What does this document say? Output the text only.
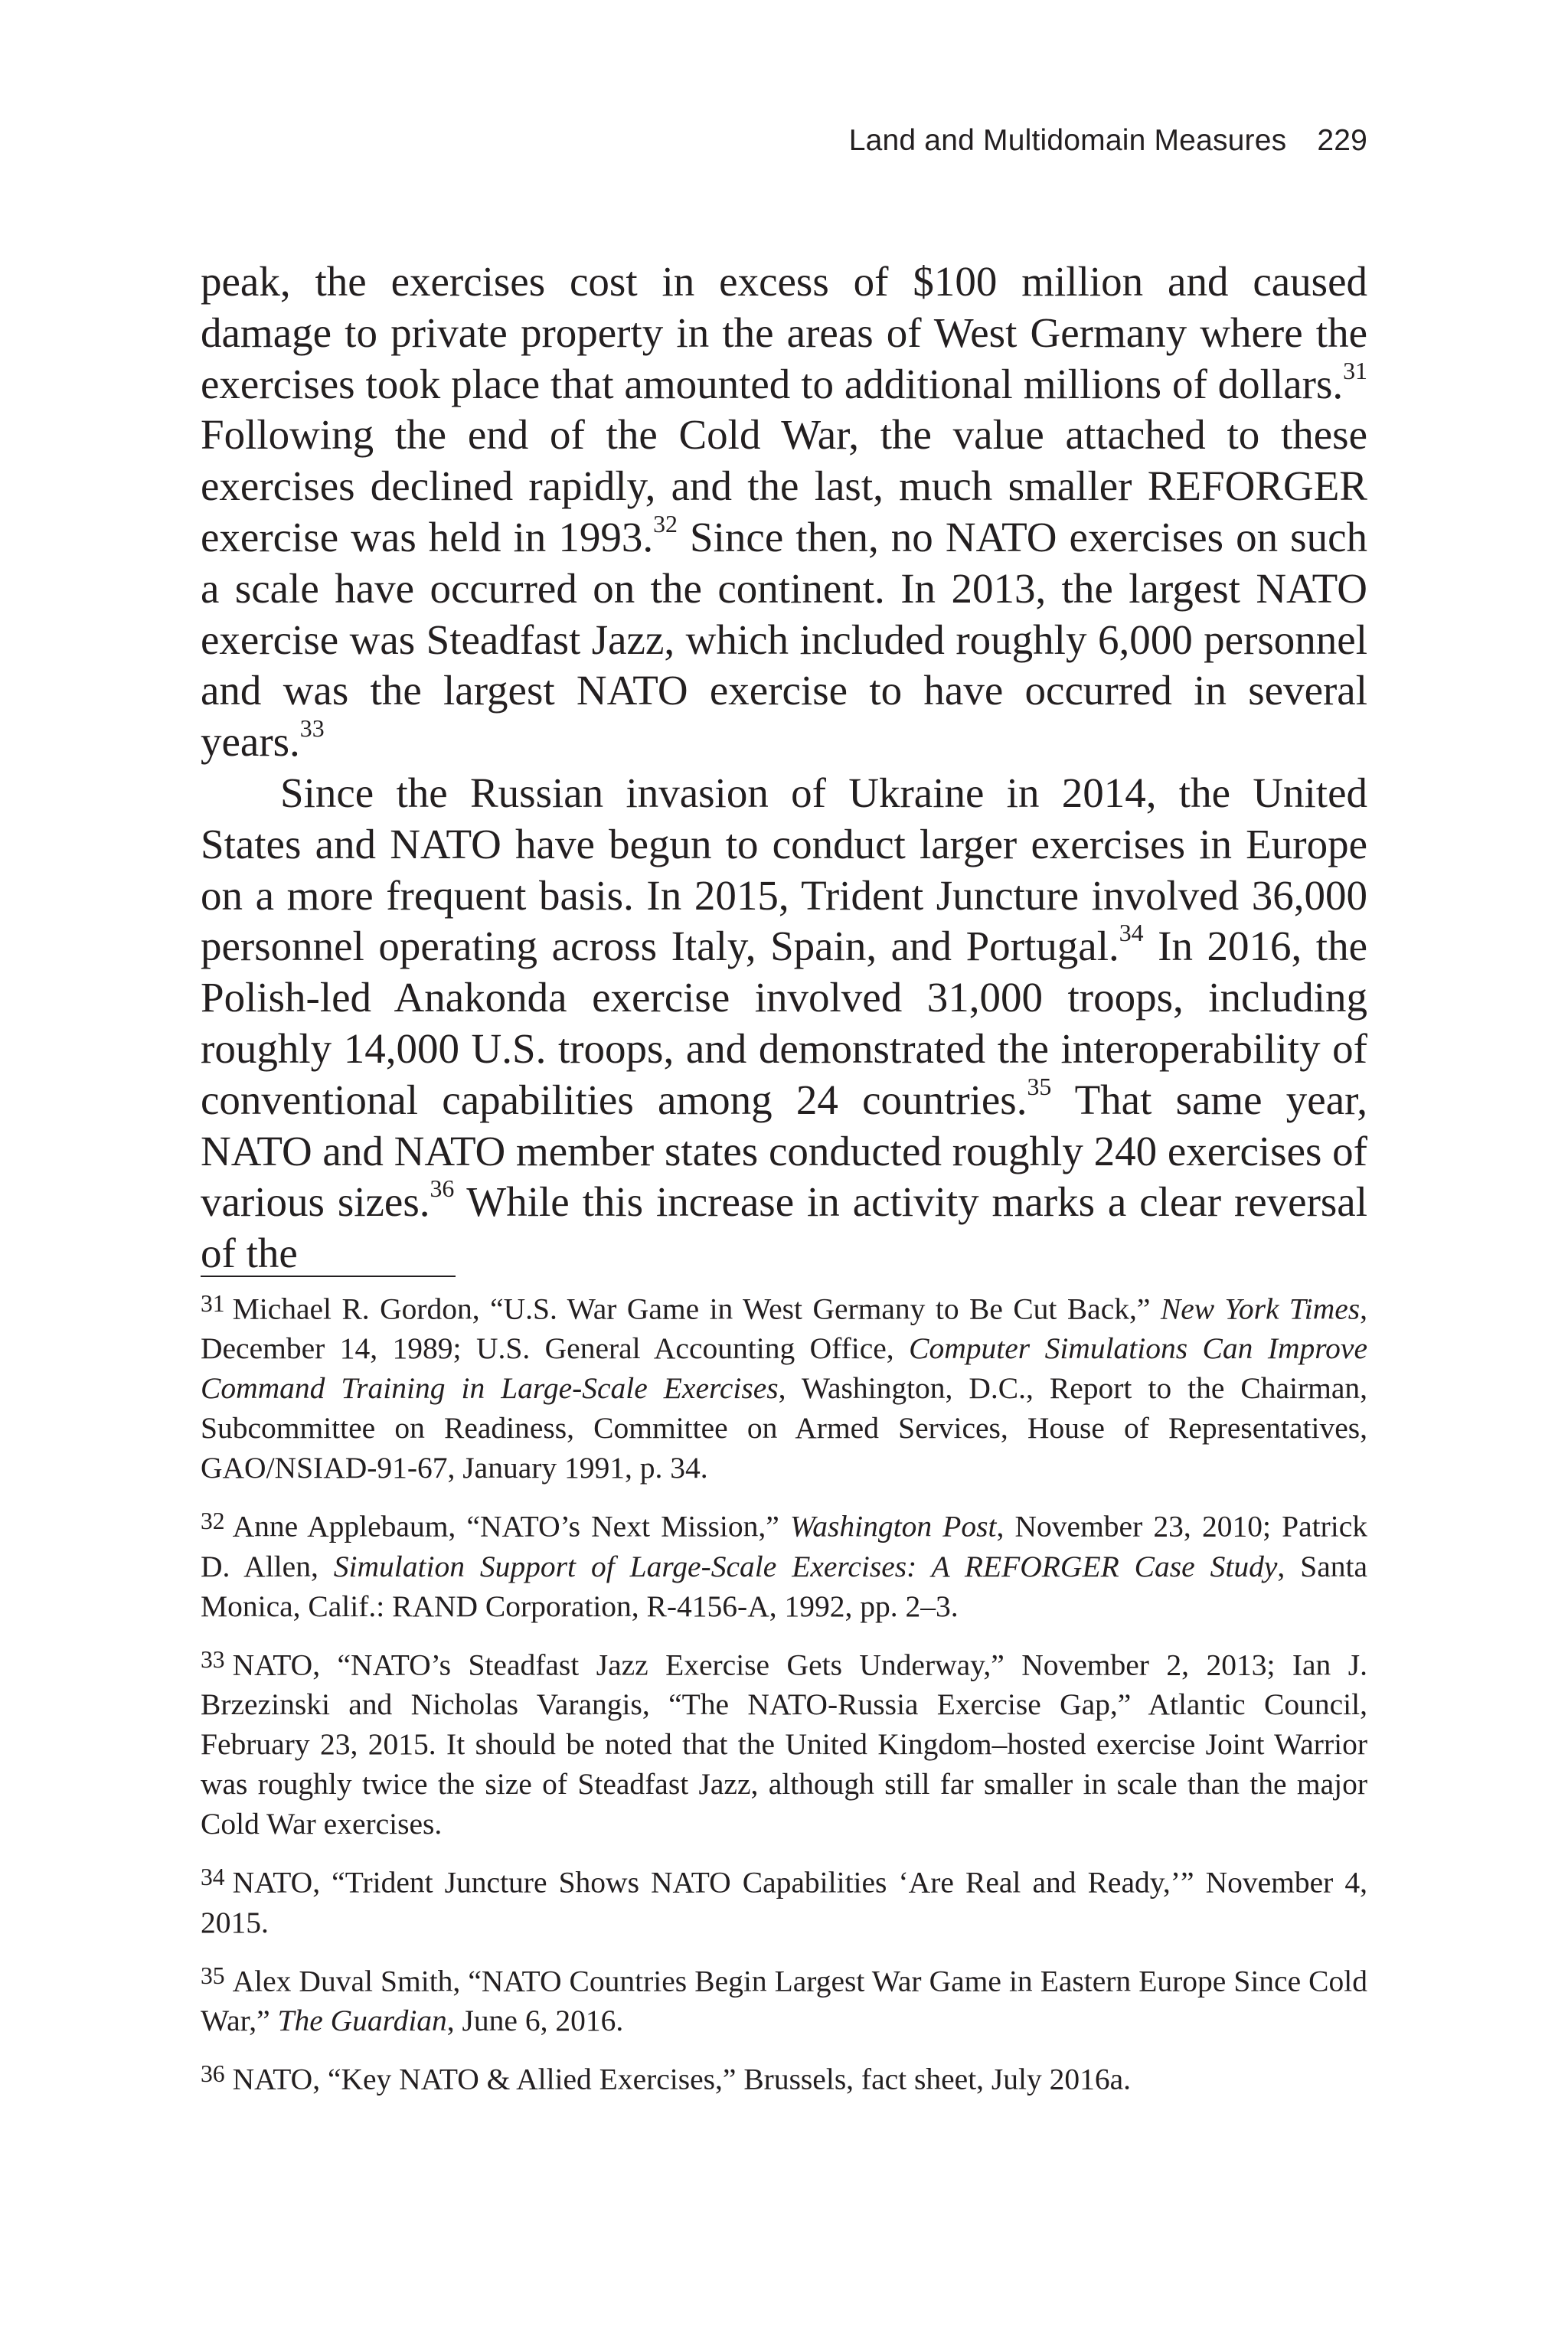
Land and Multidomain Measures 229

peak, the exercises cost in excess of $100 million and caused damage to private property in the areas of West Germany where the exercises took place that amounted to additional millions of dollars.$^{31}$ Following the end of the Cold War, the value attached to these exercises declined rapidly, and the last, much smaller REFORGER exercise was held in 1993.32 Since then, no NATO exercises on such a scale have occurred on the continent. In 2013, the largest NATO exercise was Steadfast Jazz, which included roughly 6,000 personnel and was the largest NATO exercise to have occurred in several years.$^{33}$

Since the Russian invasion of Ukraine in 2014, the United States and NATO have begun to conduct larger exercises in Europe on a more frequent basis. In 2015, Trident Juncture involved 36,000 personnel operating across Italy, Spain, and Portugal.$^{34}$ In 2016, the Polish-led Anakonda exercise involved 31,000 troops, including roughly 14,000 U.S. troops, and demonstrated the interoperability of conventional capabilities among 24 countries.$^{35}$ That same year, NATO and NATO member states conducted roughly 240 exercises of various sizes.$^{36}$ While this increase in activity marks a clear reversal of the

$^{31}$ Michael R. Gordon, “U.S. War Game in West Germany to Be Cut Back,” New York Times, December 14, 1989; U.S. General Accounting Office, Computer Simulations Can Improve Command Training in Large-Scale Exercises, Washington, D.C., Report to the Chairman, Subcommittee on Readiness, Committee on Armed Services, House of Representatives, GAO/NSIAD-91-67, January 1991, p. 34.

$^{32}$ Anne Applebaum, “NATO’s Next Mission,” Washington Post, November 23, 2010; Patrick D. Allen, Simulation Support of Large-Scale Exercises: A REFORGER Case Study, Santa Monica, Calif.: RAND Corporation, R-4156-A, 1992, pp. 2–3.

$^{33}$ NATO, “NATO’s Steadfast Jazz Exercise Gets Underway,” November 2, 2013; Ian J. Brzezinski and Nicholas Varangis, “The NATO-Russia Exercise Gap,” Atlantic Council, February 23, 2015. It should be noted that the United Kingdom–hosted exercise Joint Warrior was roughly twice the size of Steadfast Jazz, although still far smaller in scale than the major Cold War exercises.

$^{34}$ NATO, “Trident Juncture Shows NATO Capabilities ‘Are Real and Ready,’” November 4, 2015.

$^{35}$ Alex Duval Smith, “NATO Countries Begin Largest War Game in Eastern Europe Since Cold War,” The Guardian, June 6, 2016.

$^{36}$ NATO, “Key NATO & Allied Exercises,” Brussels, fact sheet, July 2016a.
